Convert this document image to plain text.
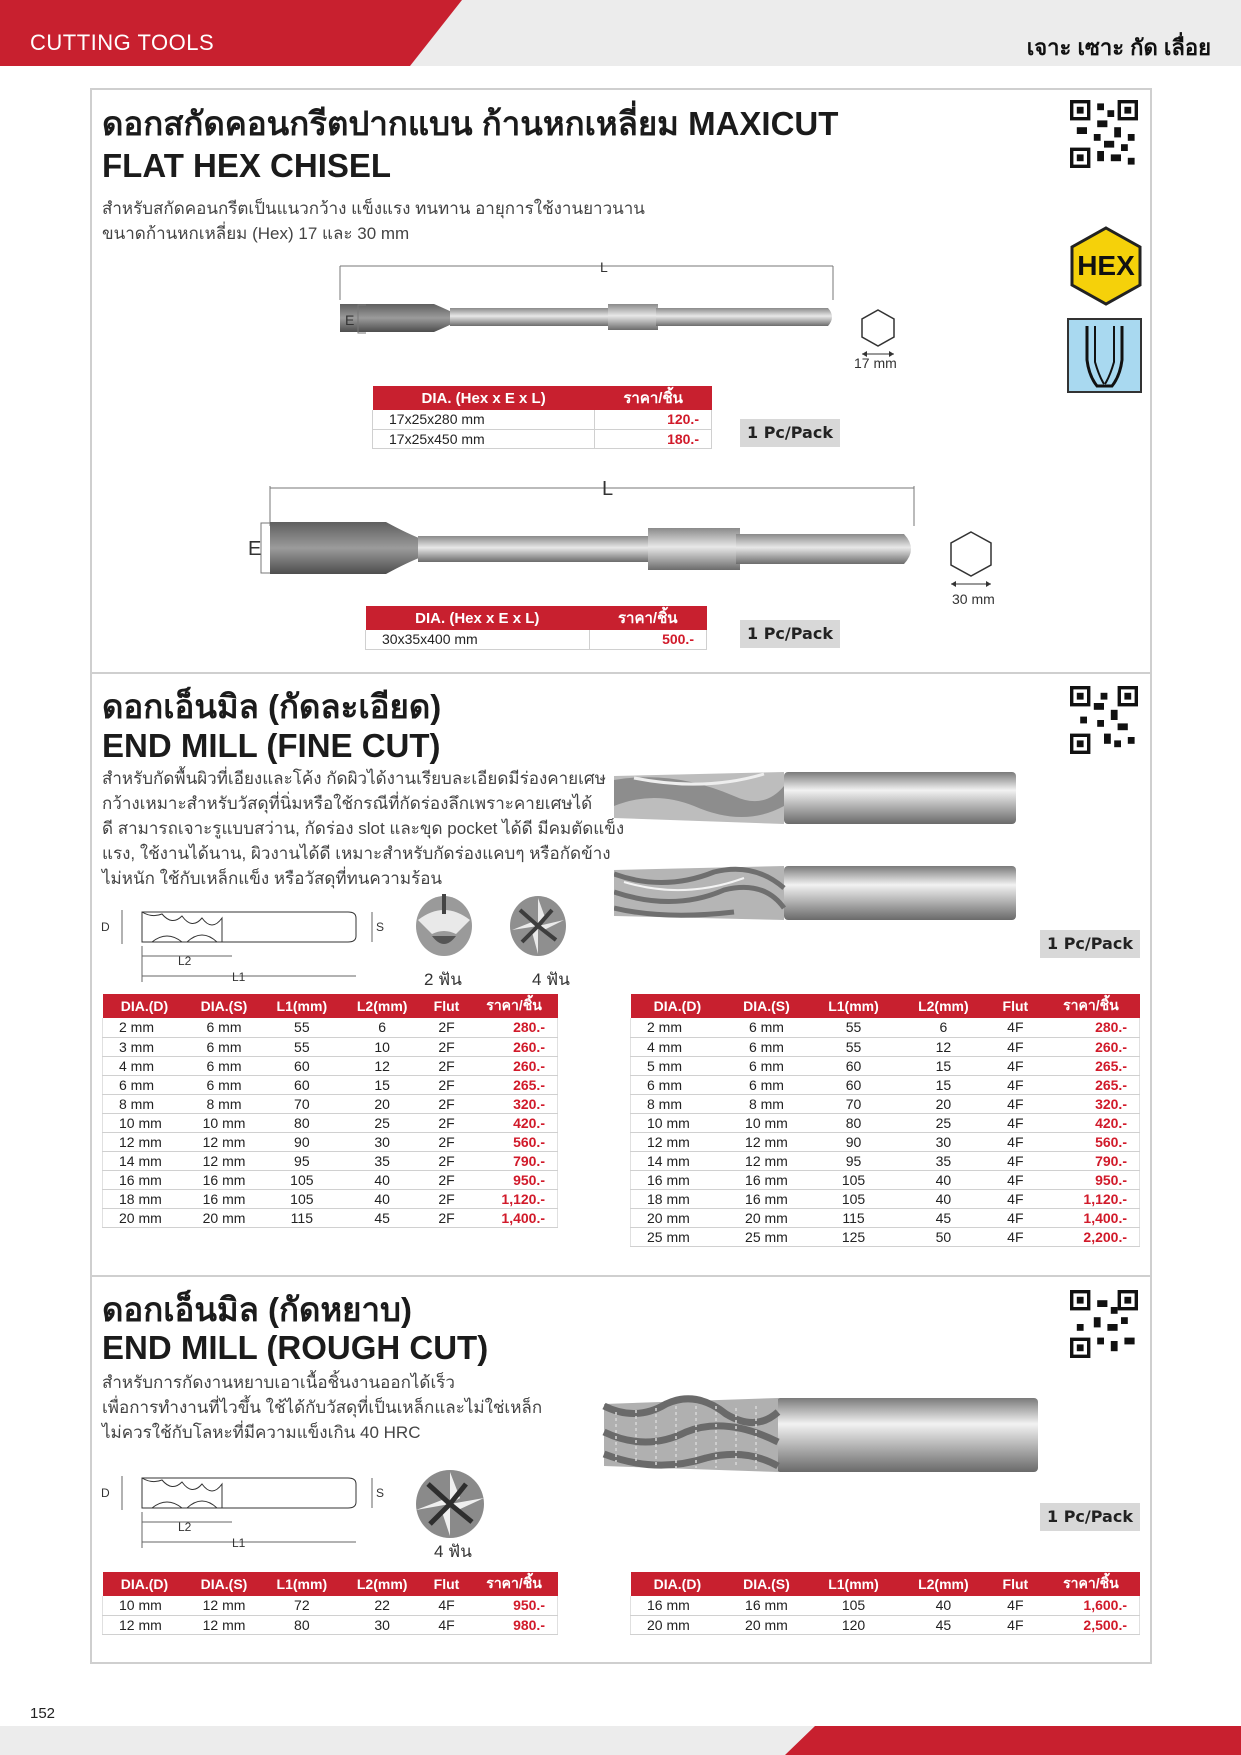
CUTTING TOOLS	เจาะ เซาะ กัด เลื่อย
ดอกสกัดคอนกรีตปากแบน ก้านหกเหลี่ยม MAXICUT
FLAT HEX CHISEL
สำหรับสกัดคอนกรีตเป็นแนวกว้าง แข็งแรง ทนทาน อายุการใช้งานยาวนาน
ขนาดก้านหกเหลี่ยม (Hex) 17 และ 30 mm
HEX
L
E
17 mm
DIA. (Hex x E x L)	ราคา/ชิ้น
17x25x280 mm	120.-
17x25x450 mm	180.-	1 Pc/Pack
L
E
30 mm
DIA. (Hex x E x L)	ราคา/ชิ้น
30x35x400 mm	500.-	1 Pc/Pack
ดอกเอ็นมิล (กัดละเอียด)
END MILL (FINE CUT)
สำหรับกัดพื้นผิวที่เอียงและโค้ง กัดผิวได้งานเรียบละเอียดมีร่องคายเศษ
กว้างเหมาะสำหรับวัสดุที่นิ่มหรือใช้กรณีที่กัดร่องลึกเพราะคายเศษได้
ดี สามารถเจาะรูแบบสว่าน, กัดร่อง slot และขุด pocket ได้ดี มีคมตัดแข็ง
แรง, ใช้งานได้นาน, ผิวงานได้ดี เหมาะสำหรับกัดร่องแคบๆ หรือกัดข้าง
ไม่หนัก ใช้กับเหล็กแข็ง หรือวัสดุที่ทนความร้อน
D	S
L2
L1	2 ฟัน	4 ฟัน
1 Pc/Pack
DIA.(D)	DIA.(S)	L1(mm)	L2(mm)	Flut	ราคา/ชิ้น
2 mm	6 mm	55	6	2F	280.-
3 mm	6 mm	55	10	2F	260.-
4 mm	6 mm	60	12	2F	260.-
6 mm	6 mm	60	15	2F	265.-
8 mm	8 mm	70	20	2F	320.-
10 mm	10 mm	80	25	2F	420.-
12 mm	12 mm	90	30	2F	560.-
14 mm	12 mm	95	35	2F	790.-
16 mm	16 mm	105	40	2F	950.-
18 mm	16 mm	105	40	2F	1,120.-
20 mm	20 mm	115	45	2F	1,400.-
DIA.(D)	DIA.(S)	L1(mm)	L2(mm)	Flut	ราคา/ชิ้น
2 mm	6 mm	55	6	4F	280.-
4 mm	6 mm	55	12	4F	260.-
5 mm	6 mm	60	15	4F	265.-
6 mm	6 mm	60	15	4F	265.-
8 mm	8 mm	70	20	4F	320.-
10 mm	10 mm	80	25	4F	420.-
12 mm	12 mm	90	30	4F	560.-
14 mm	12 mm	95	35	4F	790.-
16 mm	16 mm	105	40	4F	950.-
18 mm	16 mm	105	40	4F	1,120.-
20 mm	20 mm	115	45	4F	1,400.-
25 mm	25 mm	125	50	4F	2,200.-
ดอกเอ็นมิล (กัดหยาบ)
END MILL (ROUGH CUT)
สำหรับการกัดงานหยาบเอาเนื้อชิ้นงานออกได้เร็ว
เพื่อการทำงานที่ไวขึ้น ใช้ได้กับวัสดุที่เป็นเหล็กและไม่ใช่เหล็ก
ไม่ควรใช้กับโลหะที่มีความแข็งเกิน 40 HRC
D	S
L2
L1	4 ฟัน
1 Pc/Pack
DIA.(D)	DIA.(S)	L1(mm)	L2(mm)	Flut	ราคา/ชิ้น
10 mm	12 mm	72	22	4F	950.-
12 mm	12 mm	80	30	4F	980.-
DIA.(D)	DIA.(S)	L1(mm)	L2(mm)	Flut	ราคา/ชิ้น
16 mm	16 mm	105	40	4F	1,600.-
20 mm	20 mm	120	45	4F	2,500.-
152
